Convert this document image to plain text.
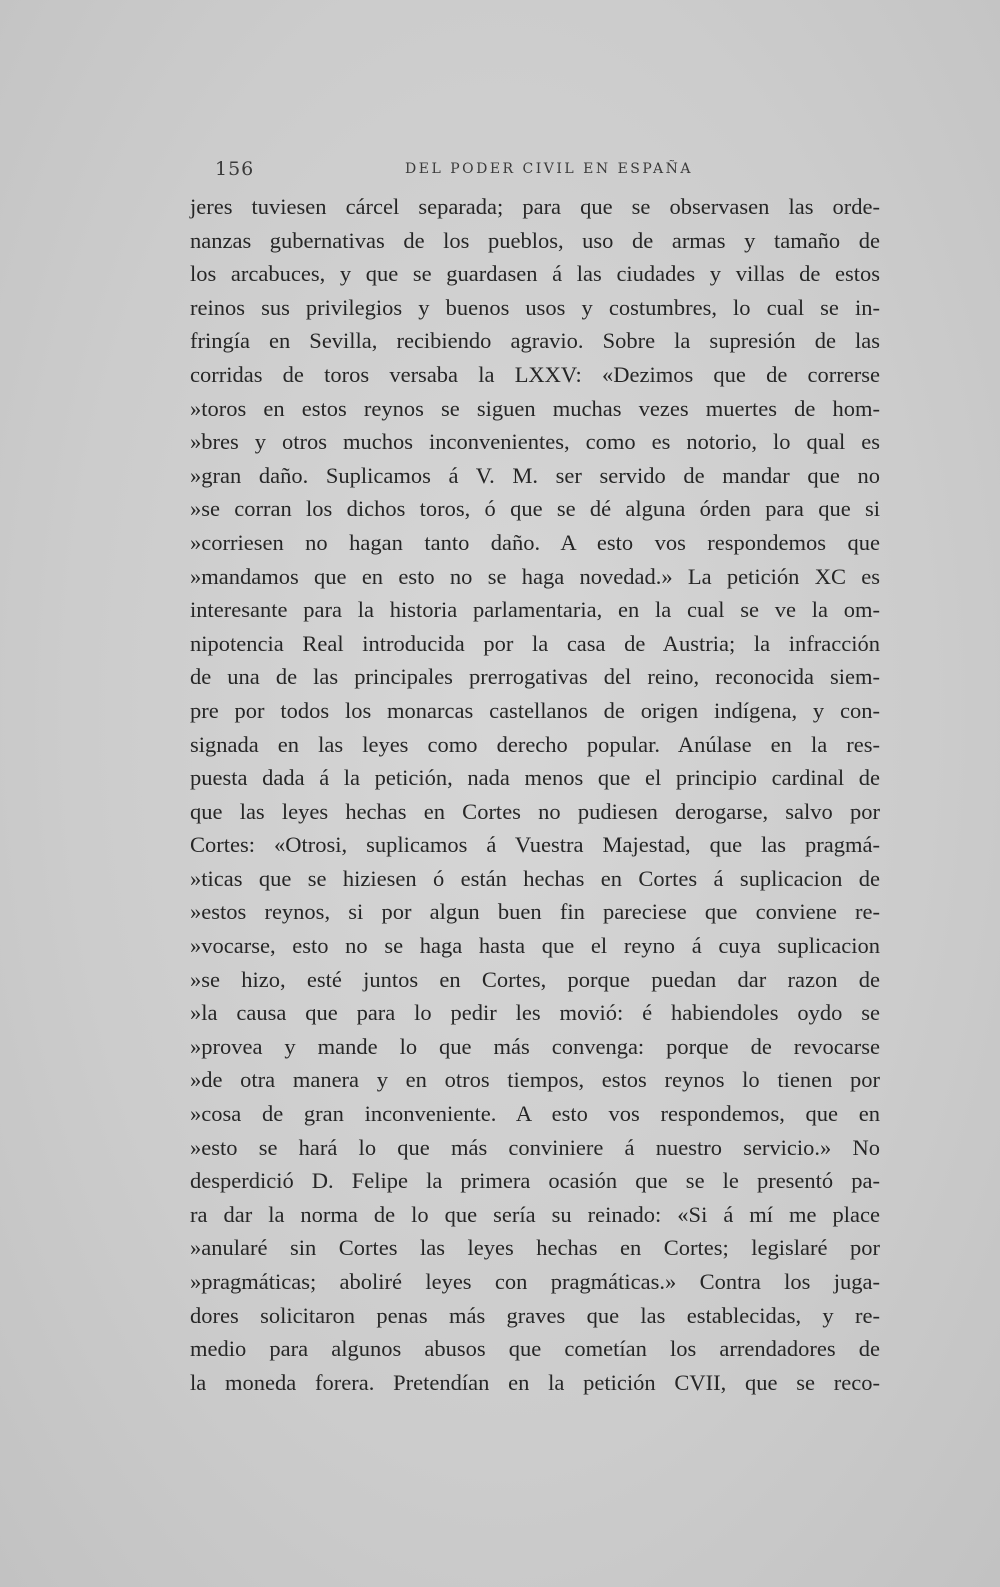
156	DEL PODER CIVIL EN ESPAÑA
jeres tuviesen cárcel separada; para que se observasen las orde-
nanzas gubernativas de los pueblos, uso de armas y tamaño de
los arcabuces, y que se guardasen á las ciudades y villas de estos
reinos sus privilegios y buenos usos y costumbres, lo cual se in-
fringía en Sevilla, recibiendo agravio. Sobre la supresión de las
corridas de toros versaba la LXXV: «Dezimos que de correrse
»toros en estos reynos se siguen muchas vezes muertes de hom-
»bres y otros muchos inconvenientes, como es notorio, lo qual es
»gran daño. Suplicamos á V. M. ser servido de mandar que no
»se corran los dichos toros, ó que se dé alguna órden para que si
»corriesen no hagan tanto daño. A esto vos respondemos que
»mandamos que en esto no se haga novedad.» La petición XC es
interesante para la historia parlamentaria, en la cual se ve la om-
nipotencia Real introducida por la casa de Austria; la infracción
de una de las principales prerrogativas del reino, reconocida siem-
pre por todos los monarcas castellanos de origen indígena, y con-
signada en las leyes como derecho popular. Anúlase en la res-
puesta dada á la petición, nada menos que el principio cardinal de
que las leyes hechas en Cortes no pudiesen derogarse, salvo por
Cortes: «Otrosi, suplicamos á Vuestra Majestad, que las pragmá-
»ticas que se hiziesen ó están hechas en Cortes á suplicacion de
»estos reynos, si por algun buen fin pareciese que conviene re-
»vocarse, esto no se haga hasta que el reyno á cuya suplicacion
»se hizo, esté juntos en Cortes, porque puedan dar razon de
»la causa que para lo pedir les movió: é habiendoles oydo se
»provea y mande lo que más convenga: porque de revocarse
»de otra manera y en otros tiempos, estos reynos lo tienen por
»cosa de gran inconveniente. A esto vos respondemos, que en
»esto se hará lo que más conviniere á nuestro servicio.» No
desperdició D. Felipe la primera ocasión que se le presentó pa-
ra dar la norma de lo que sería su reinado: «Si á mí me place
»anularé sin Cortes las leyes hechas en Cortes; legislaré por
»pragmáticas; aboliré leyes con pragmáticas.» Contra los juga-
dores solicitaron penas más graves que las establecidas, y re-
medio para algunos abusos que cometían los arrendadores de
la moneda forera. Pretendían en la petición CVII, que se reco-
